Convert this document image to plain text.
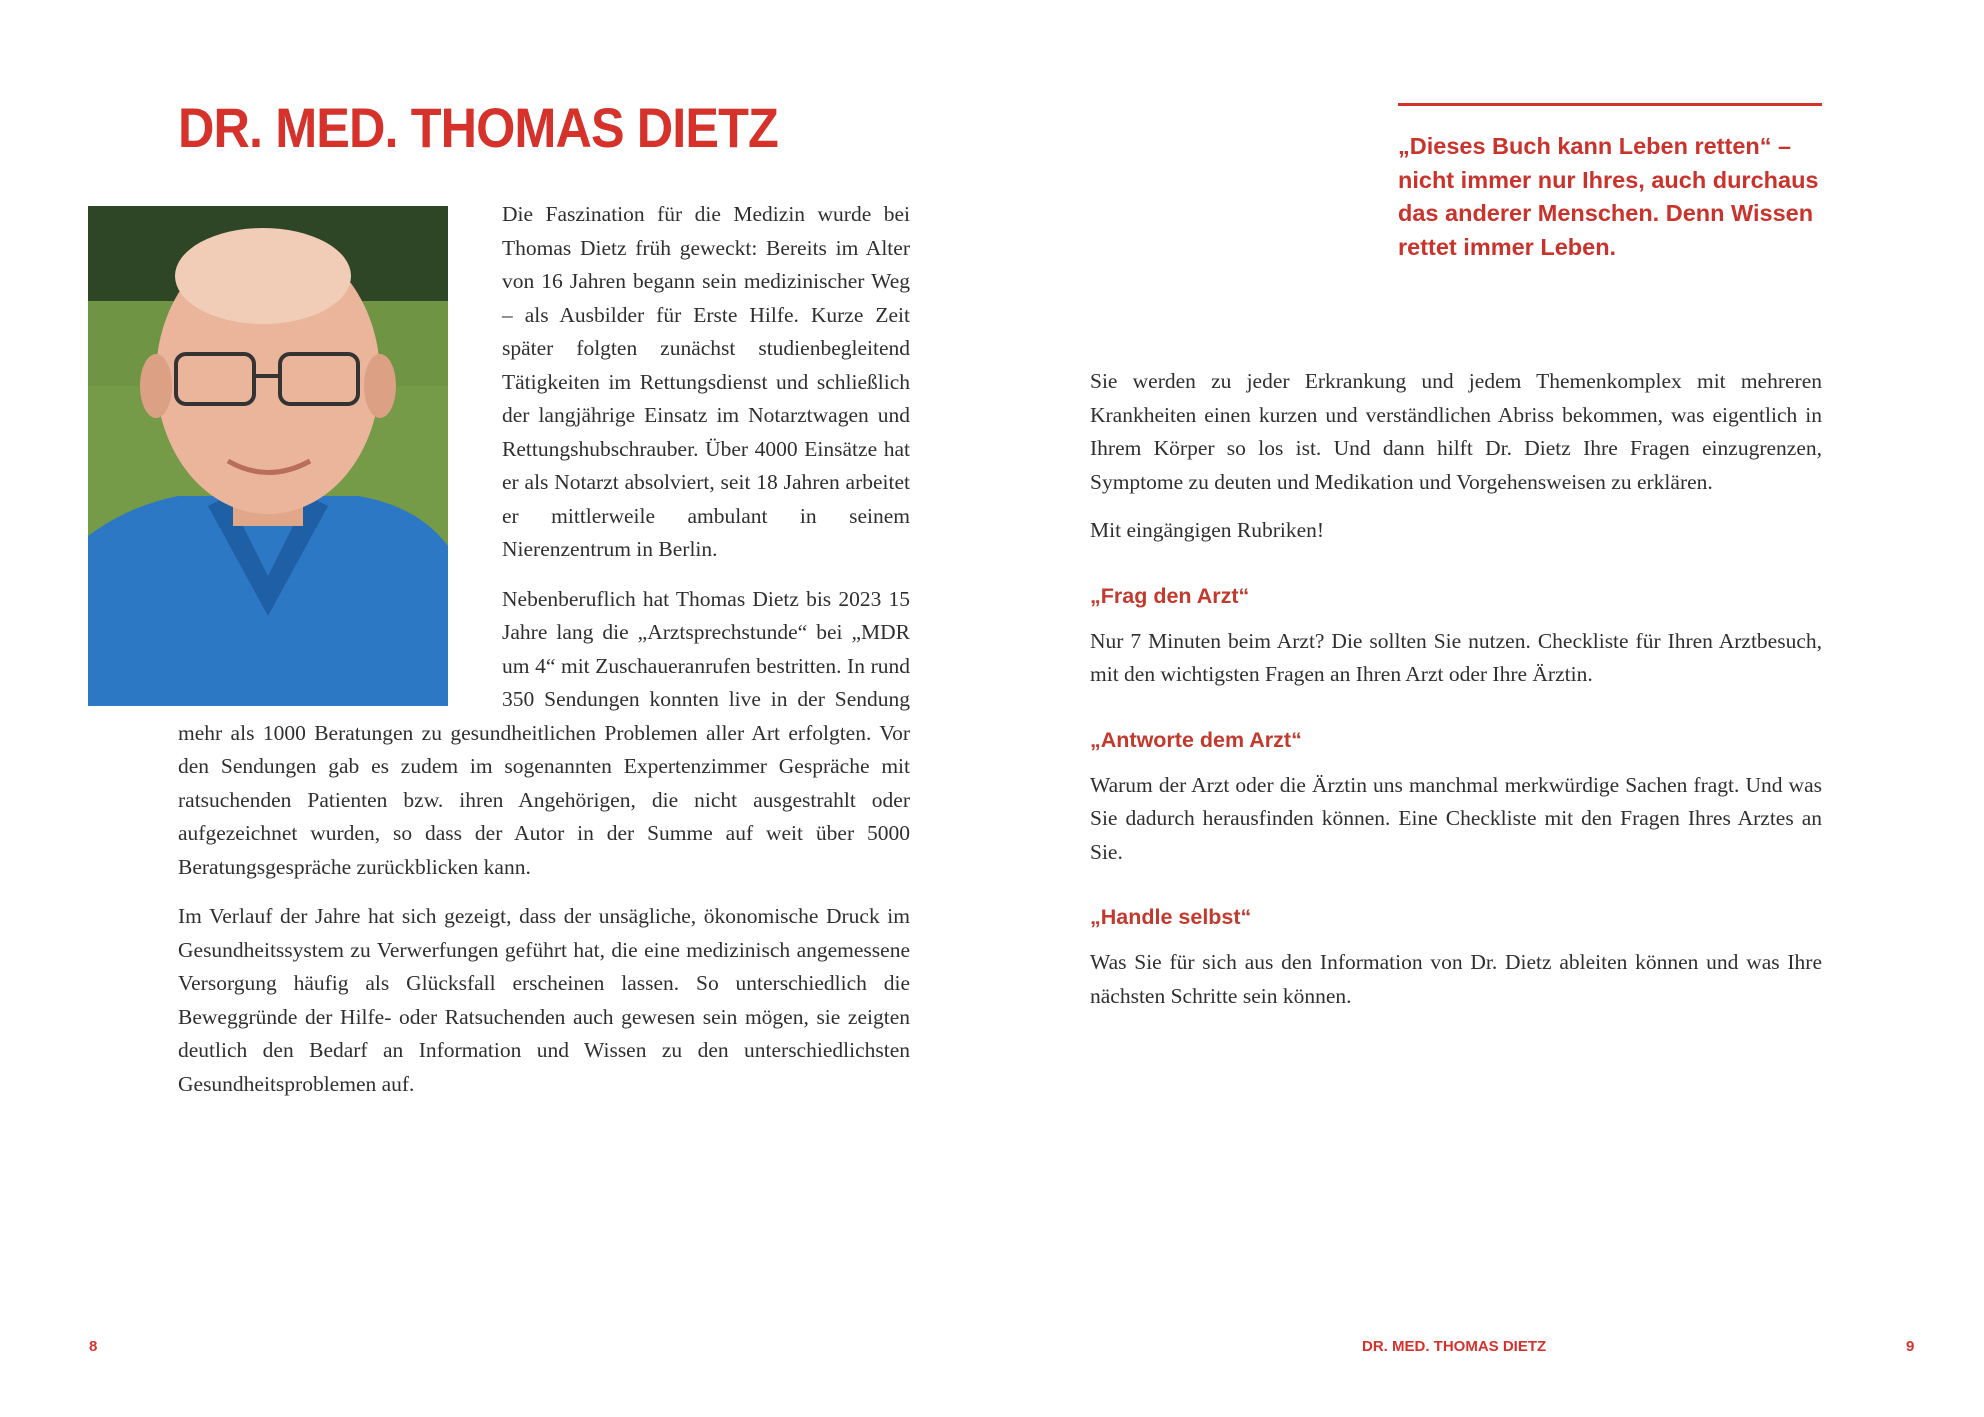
DR. MED. THOMAS DIETZ

Die Faszination für die Medizin wurde bei Thomas Dietz früh geweckt: Bereits im Alter von 16 Jahren begann sein medizinischer Weg – als Ausbilder für Erste Hilfe. Kurze Zeit später folgten zunächst studienbegleitend Tätigkeiten im Rettungsdienst und schließlich der langjährige Einsatz im Notarztwagen und Rettungshubschrauber. Über 4000 Einsätze hat er als Notarzt absolviert, seit 18 Jahren arbeitet er mittlerweile ambulant in seinem Nierenzentrum in Berlin.

Nebenberuflich hat Thomas Dietz bis 2023 15 Jahre lang die „Arztsprechstunde“ bei „MDR um 4“ mit Zuschaueranrufen bestritten. In rund 350 Sendungen konnten live in der Sendung mehr als 1000 Beratungen zu gesundheitlichen Problemen aller Art erfolgten. Vor den Sendungen gab es zudem im sogenannten Expertenzimmer Gespräche mit ratsuchenden Patienten bzw. ihren Angehörigen, die nicht ausgestrahlt oder aufgezeichnet wurden, so dass der Autor in der Summe auf weit über 5000 Beratungsgespräche zurückblicken kann.

Im Verlauf der Jahre hat sich gezeigt, dass der unsägliche, ökonomische Druck im Gesundheitssystem zu Verwerfungen geführt hat, die eine medizinisch angemessene Versorgung häufig als Glücksfall erscheinen lassen. So unterschiedlich die Beweggründe der Hilfe- oder Ratsuchenden auch gewesen sein mögen, sie zeigten deutlich den Bedarf an Information und Wissen zu den unterschiedlichsten Gesundheitsproblemen auf.

8

„Dieses Buch kann Leben retten“ – nicht immer nur Ihres, auch durchaus das anderer Menschen. Denn Wissen rettet immer Leben.

Sie werden zu jeder Erkrankung und jedem Themenkomplex mit mehreren Krankheiten einen kurzen und verständlichen Abriss bekommen, was eigentlich in Ihrem Körper so los ist. Und dann hilft Dr. Dietz Ihre Fragen einzugrenzen, Symptome zu deuten und Medikation und Vorgehensweisen zu erklären.

Mit eingängigen Rubriken!

„Frag den Arzt“

Nur 7 Minuten beim Arzt? Die sollten Sie nutzen. Checkliste für Ihren Arztbesuch, mit den wichtigsten Fragen an Ihren Arzt oder Ihre Ärztin.

„Antworte dem Arzt“

Warum der Arzt oder die Ärztin uns manchmal merkwürdige Sachen fragt. Und was Sie dadurch herausfinden können. Eine Checkliste mit den Fragen Ihres Arztes an Sie.

„Handle selbst“

Was Sie für sich aus den Information von Dr. Dietz ableiten können und was Ihre nächsten Schritte sein können.

DR. MED. THOMAS DIETZ	9
